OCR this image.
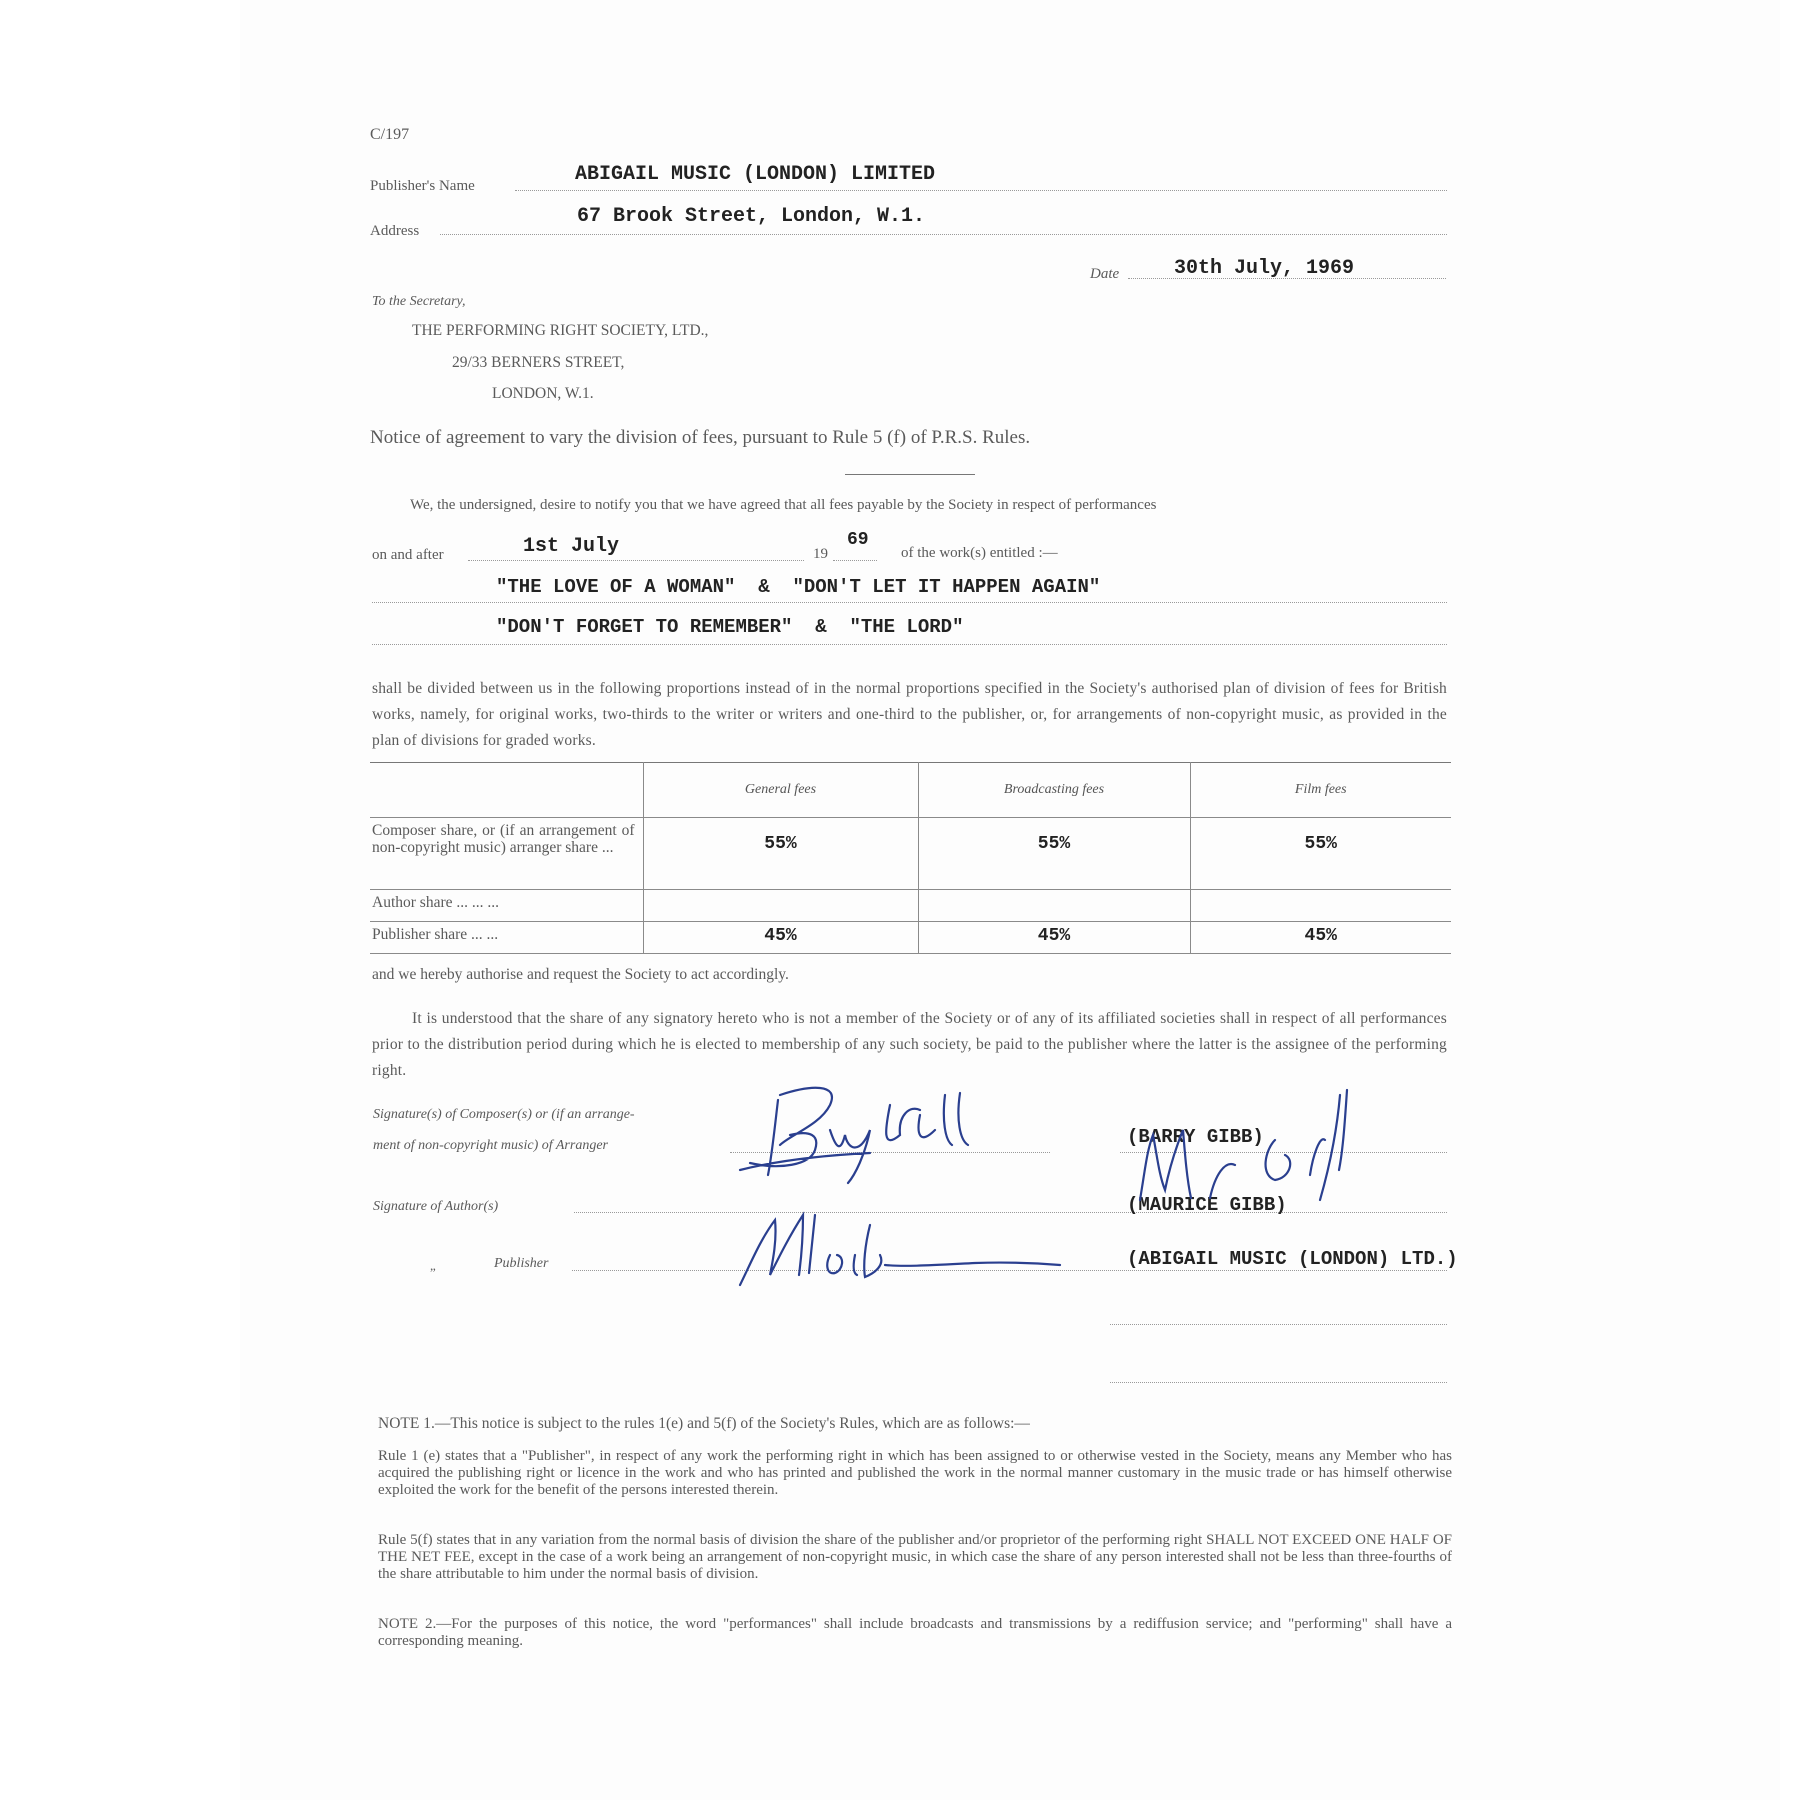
C/197
Publisher's Name	ABIGAIL MUSIC (LONDON) LIMITED
Address
67 Brook Street, London, W.1.
Date	30th July, 1969
To the Secretary,
THE PERFORMING RIGHT SOCIETY, LTD.,
29/33 BERNERS STREET,
LONDON, W.1.
Notice of agreement to vary the division of fees, pursuant to Rule 5 (f) of P.R.S. Rules.
We, the undersigned, desire to notify you that we have agreed that all fees payable by the Society in respect of performances
on and after	1st July	19
69
of the work(s) entitled :—
"THE LOVE OF A WOMAN"  &  "DON'T LET IT HAPPEN AGAIN"
"DON'T FORGET TO REMEMBER"  &  "THE LORD"
shall be divided between us in the following proportions instead of in the normal proportions specified in the Society's authorised plan of division of fees for British works, namely, for original works, two-thirds to the writer or writers and one-third to the publisher, or, for arrangements of non-copyright music, as provided in the plan of divisions for graded works.
	General fees	Broadcasting fees	Film fees
Composer share, or (if an arrangement of non-copyright music) arranger share ...	55%	55%	55%
Author share ... ... ...			
Publisher share ... ...	45%	45%	45%
and we hereby authorise and request the Society to act accordingly.
It is understood that the share of any signatory hereto who is not a member of the Society or of any of its affiliated societies shall in respect of all performances prior to the distribution period during which he is elected to membership of any such society, be paid to the publisher where the latter is the assignee of the performing right.
Signature(s) of Composer(s) or (if an arrange-
ment of non-copyright music) of Arranger
Signature of Author(s)
„	Publisher
(BARRY GIBB)
(MAURICE GIBB)
(ABIGAIL MUSIC (LONDON) LTD.)
NOTE 1.—This notice is subject to the rules 1(e) and 5(f) of the Society's Rules, which are as follows:—
Rule 1 (e) states that a "Publisher", in respect of any work the performing right in which has been assigned to or otherwise vested in the Society, means any Member who has acquired the publishing right or licence in the work and who has printed and published the work in the normal manner customary in the music trade or has himself otherwise exploited the work for the benefit of the persons interested therein.
Rule 5(f) states that in any variation from the normal basis of division the share of the publisher and/or proprietor of the performing right SHALL NOT EXCEED ONE HALF OF THE NET FEE, except in the case of a work being an arrangement of non-copyright music, in which case the share of any person interested shall not be less than three-fourths of the share attributable to him under the normal basis of division.
NOTE 2.—For the purposes of this notice, the word "performances" shall include broadcasts and transmissions by a rediffusion service; and "performing" shall have a corresponding meaning.
